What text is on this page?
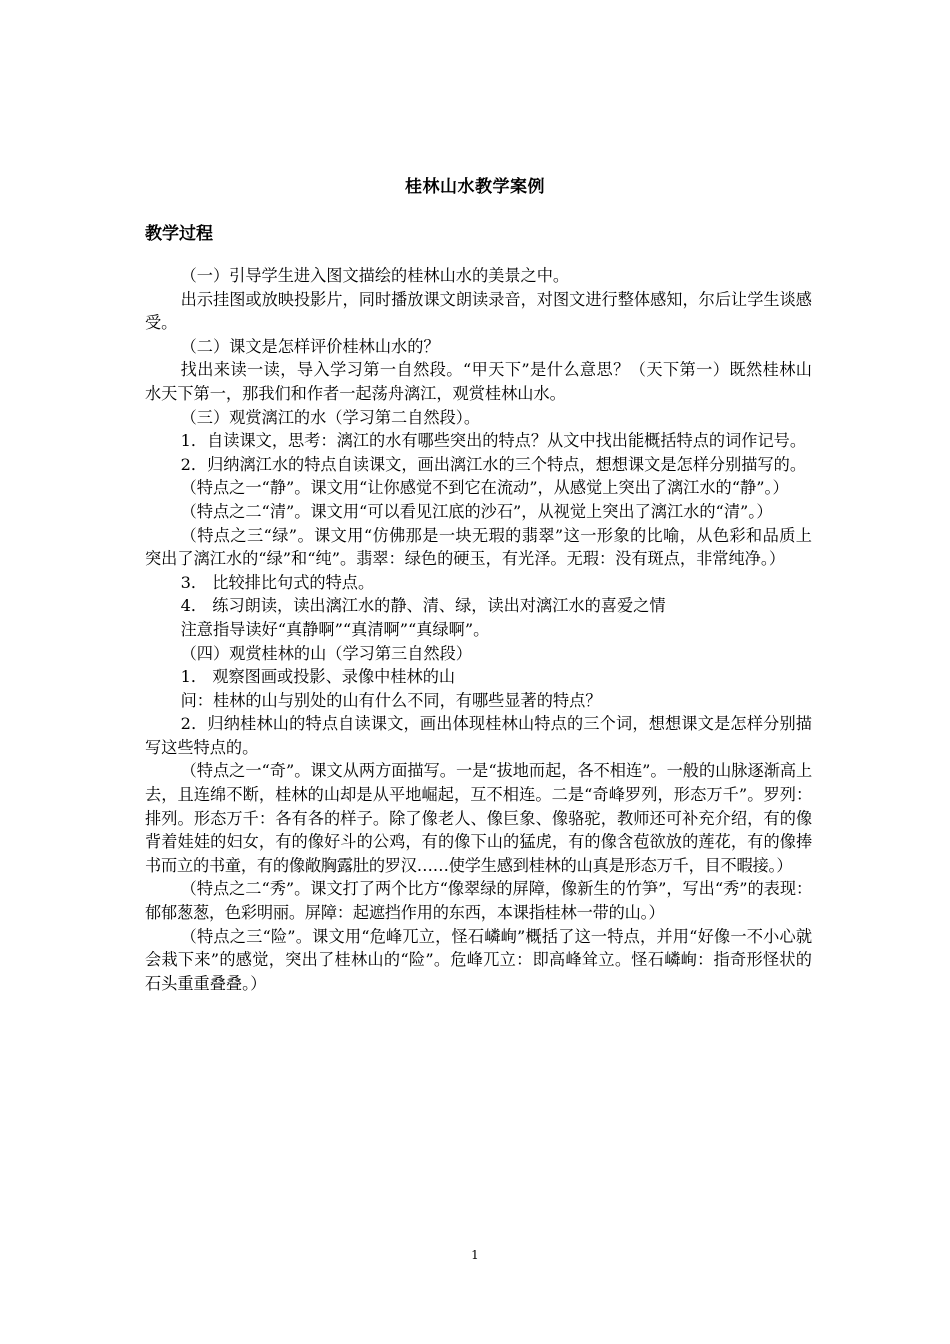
桂林山水教学案例
教学过程

（一）引导学生进入图文描绘的桂林山水的美景之中。

出示挂图或放映投影片，同时播放课文朗读录音，对图文进行整体感知，尔后让学生谈感受。

（二）课文是怎样评价桂林山水的？

找出来读一读，导入学习第一自然段。“甲天下”是什么意思？（天下第一）既然桂林山水天下第一，那我们和作者一起荡舟漓江，观赏桂林山水。

（三）观赏漓江的水（学习第二自然段）。

1．自读课文，思考：漓江的水有哪些突出的特点？从文中找出能概括特点的词作记号。

2．归纳漓江水的特点自读课文，画出漓江水的三个特点，想想课文是怎样分别描写的。

（特点之一“静”。课文用“让你感觉不到它在流动”，从感觉上突出了漓江水的“静”。）

（特点之二“清”。课文用“可以看见江底的沙石”，从视觉上突出了漓江水的“清”。）

（特点之三“绿”。课文用“仿佛那是一块无瑕的翡翠”这一形象的比喻，从色彩和品质上突出了漓江水的“绿”和“纯”。翡翠：绿色的硬玉，有光泽。无瑕：没有斑点，非常纯净。）

3． 比较排比句式的特点。

4． 练习朗读，读出漓江水的静、清、绿，读出对漓江水的喜爱之情

注意指导读好“真静啊”“真清啊”“真绿啊”。

（四）观赏桂林的山（学习第三自然段）

1． 观察图画或投影、录像中桂林的山

问：桂林的山与别处的山有什么不同，有哪些显著的特点？

2．归纳桂林山的特点自读课文，画出体现桂林山特点的三个词，想想课文是怎样分别描写这些特点的。

（特点之一“奇”。课文从两方面描写。一是“拔地而起，各不相连”。一般的山脉逐渐高上去，且连绵不断，桂林的山却是从平地崛起，互不相连。二是“奇峰罗列，形态万千”。罗列：排列。形态万千：各有各的样子。除了像老人、像巨象、像骆驼，教师还可补充介绍，有的像背着娃娃的妇女，有的像好斗的公鸡，有的像下山的猛虎，有的像含苞欲放的莲花，有的像捧书而立的书童，有的像敞胸露肚的罗汉……使学生感到桂林的山真是形态万千，目不暇接。）

（特点之二“秀”。课文打了两个比方“像翠绿的屏障，像新生的竹笋”，写出“秀”的表现：郁郁葱葱，色彩明丽。屏障：起遮挡作用的东西，本课指桂林一带的山。）

（特点之三“险”。课文用“危峰兀立，怪石嶙峋”概括了这一特点，并用“好像一不小心就会栽下来”的感觉，突出了桂林山的“险”。危峰兀立：即高峰耸立。怪石嶙峋：指奇形怪状的石头重重叠叠。）

1
